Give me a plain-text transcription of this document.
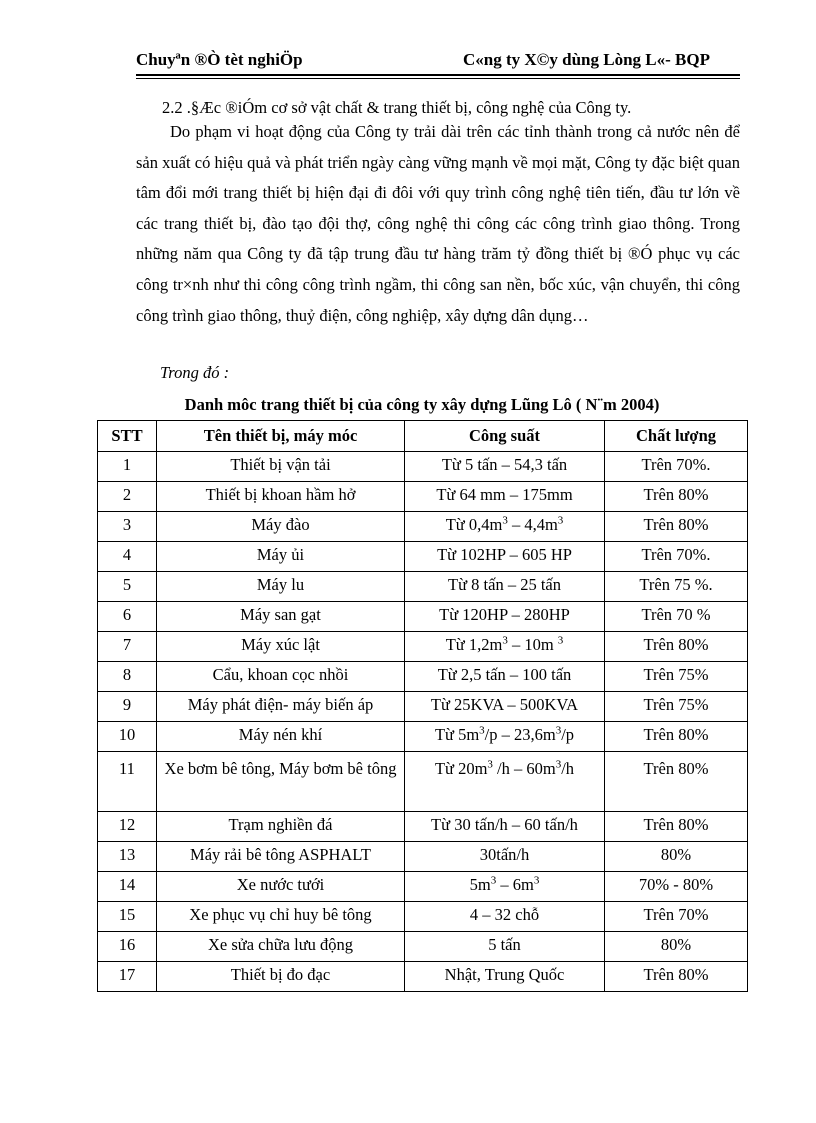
Chuyªn ®Ò tèt nghiÖp	C«ng ty X©y dùng Lòng L«- BQP
2.2 .§Æc ®iÓm cơ sở vật chất & trang thiết bị, công nghệ của Công ty.

Do phạm vi hoạt động của Công ty trải dài trên các tỉnh thành trong cả nước nên để sản xuất có hiệu quả và phát triển ngày càng vững mạnh về mọi mặt, Công ty đặc biệt quan tâm đổi mới trang thiết bị hiện đại đi đôi với quy trình công nghệ tiên tiến, đầu tư lớn về các trang thiết bị, đào tạo đội thợ, công nghệ thi công các công trình giao thông. Trong những năm qua Công ty đã tập trung đầu tư hàng trăm tỷ đồng thiết bị ®Ó phục vụ các công tr×nh như thi công công trình ngầm, thi công san nền, bốc xúc, vận chuyển, thi công công trình giao thông, thuỷ điện, công nghiệp, xây dựng dân dụng…

Trong đó :
Danh môc trang thiết bị của công ty xây dựng Lũng Lô ( N¨m 2004)
STT	Tên thiết bị, máy móc	Công suất	Chất lượng
1	Thiết bị vận tải	Từ 5 tấn – 54,3 tấn	Trên 70%.
2	Thiết bị khoan hầm hở	Từ 64 mm – 175mm	Trên 80%
3	Máy đào	Từ $0,4m^3 - 4,4m^3$	Trên 80%
4	Máy ủi	Từ 102HP – 605 HP	Trên 70%.
5	Máy lu	Từ 8 tấn – 25 tấn	Trên 75 %.
6	Máy san gạt	Từ 120HP – 280HP	Trên 70 %
7	Máy xúc lật	Từ $1,2m^3 - 10m$ $^3$	Trên 80%
8	Cẩu, khoan cọc nhồi	Từ 2,5 tấn – 100 tấn	Trên 75%
9	Máy phát điện- máy biến áp	Từ 25KVA – 500KVA	Trên 75%
10	Máy nén khí	Từ $5m^3/p - 23,6m^3/p$	Trên 80%
11	Xe bơm bê tông, Máy bơm bê tông	Từ $20m^3$ $/h - 60m^3/h$	Trên 80%
12	Trạm nghiền đá	Từ 30 tấn/h – 60 tấn/h	Trên 80%
13	Máy rải bê tông ASPHALT	30tấn/h	80%
14	Xe nước tưới	$5m^3 - 6m^3$	70% - 80%
15	Xe phục vụ chỉ huy bê tông	4 – 32 chỗ	Trên 70%
16	Xe sửa chữa lưu động	5 tấn	80%
17	Thiết bị đo đạc	Nhật, Trung Quốc	Trên 80%
